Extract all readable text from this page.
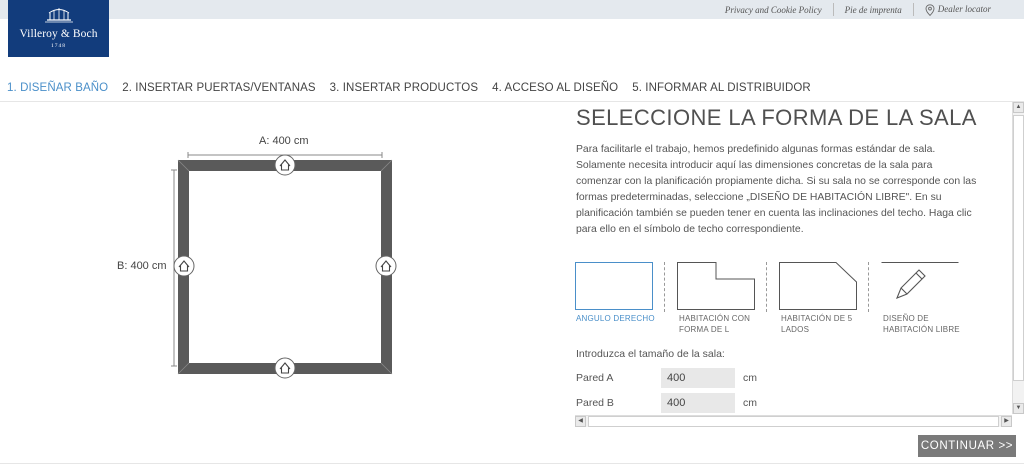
Privacy and Cookie Policy	Pie de imprenta	Dealer locator
Villeroy & Boch
1748
1. DISEÑAR BAÑO 2. INSERTAR PUERTAS/VENTANAS 3. INSERTAR PRODUCTOS 4. ACCESO AL DISEÑO 5. INFORMAR AL DISTRIBUIDOR
A: 400 cm
B: 400 cm
SELECCIONE LA FORMA DE LA SALA

Para facilitarle el trabajo, hemos predefinido algunas formas estándar de sala. Solamente necesita introducir aquí las dimensiones concretas de la sala para comenzar con la planificación propiamente dicha. Si su sala no se corresponde con las formas predeterminadas, seleccione „DISEÑO DE HABITACIÓN LIBRE". En su planificación también se pueden tener en cuenta las inclinaciones del techo. Haga clic para ello en el símbolo de techo correspondiente.

ANGULO DERECHO	HABITACIÓN CON FORMA DE L
HABITACIÓN DE 5 LADOS
DISEÑO DE HABITACIÓN LIBRE
Introduzca el tamaño de la sala:
Pared A
400	cm
Pared B
400	cm
▲
▼
◀	▶
CONTINUAR >>
